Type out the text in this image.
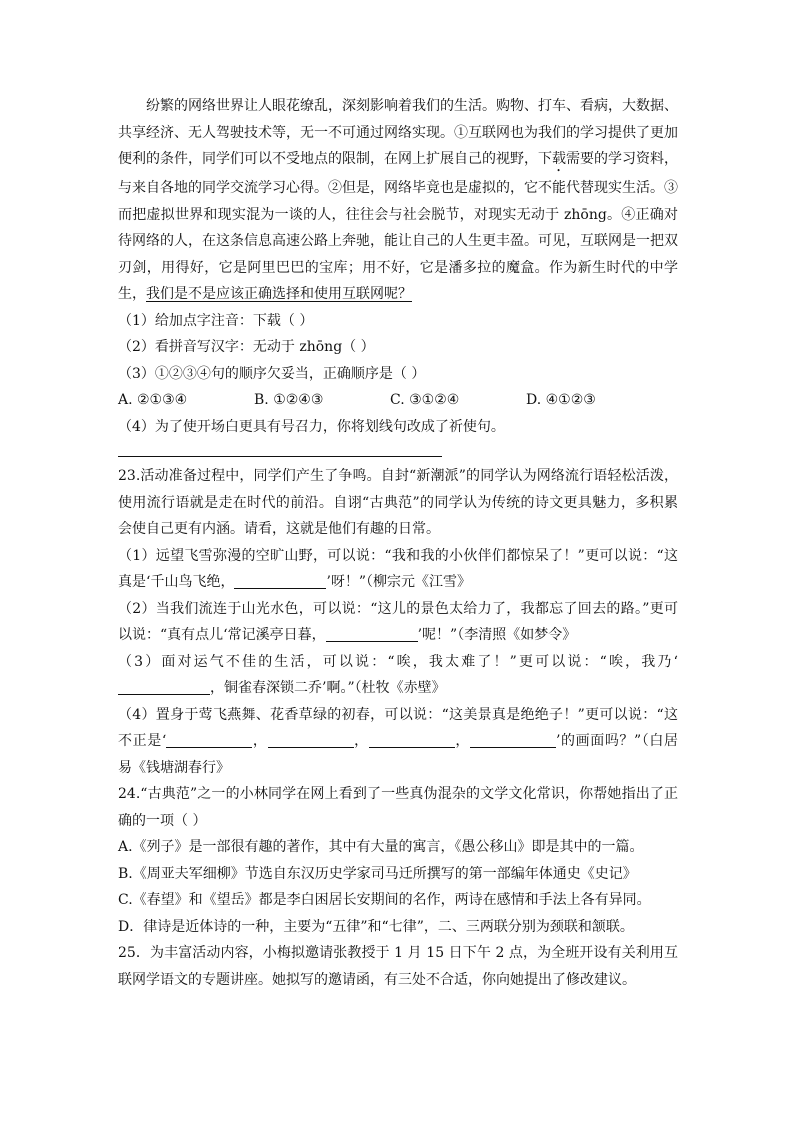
纷繁的网络世界让人眼花缭乱，深刻影响着我们的生活。购物、打车、看病，大数据、共享经济、无人驾驶技术等，无一不可通过网络实现。①互联网也为我们的学习提供了更加便利的条件，同学们可以不受地点的限制，在网上扩展自己的视野，下载需要的学习资料，与来自各地的同学交流学习心得。②但是，网络毕竟也是虚拟的，它不能代替现实生活。③而把虚拟世界和现实混为一谈的人，往往会与社会脱节，对现实无动于 zhōng。④正确对待网络的人，在这条信息高速公路上奔驰，能让自己的人生更丰盈。可见，互联网是一把双刃剑，用得好，它是阿里巴巴的宝库；用不好，它是潘多拉的魔盒。作为新生时代的中学生，我们是不是应该正确选择和使用互联网呢？

（1）给加点字注音：下载（ ）

（2）看拼音写汉字：无动于 zhōng（ ）

（3）①②③④句的顺序欠妥当，正确顺序是（ ）

A. ②①③④	B. ①②④③	C. ③①②④	D. ④①②③

（4）为了使开场白更具有号召力，你将划线句改成了祈使句。

23.活动准备过程中，同学们产生了争鸣。自封“新潮派”的同学认为网络流行语轻松活泼，使用流行语就是走在时代的前沿。自诩“古典范”的同学认为传统的诗文更具魅力，多积累会使自己更有内涵。请看，这就是他们有趣的日常。

（1）远望飞雪弥漫的空旷山野，可以说：“我和我的小伙伴们都惊呆了！”更可以说：“这真是‘千山鸟飞绝，	’呀！”（柳宗元《江雪》

（2）当我们流连于山光水色，可以说：“这儿的景色太给力了，我都忘了回去的路。”更可以说：“真有点儿‘常记溪亭日暮，	’呢！”（李清照《如梦令》

（3）面对运气不佳的生活，可以说：“唉，我太难了！”更可以说：“唉，我乃‘，铜雀春深锁二乔’啊。”（杜牧《赤壁》

（4）置身于莺飞燕舞、花香草绿的初春，可以说：“这美景真是绝绝子！”更可以说：“这不正是‘	，	，	，	’的画面吗？”（白居易《钱塘湖春行》

24.“古典范”之一的小林同学在网上看到了一些真伪混杂的文学文化常识，你帮她指出了正确的一项（ ）

A.《列子》是一部很有趣的著作，其中有大量的寓言，《愚公移山》即是其中的一篇。

B.《周亚夫军细柳》节选自东汉历史学家司马迁所撰写的第一部编年体通史《史记》

C.《春望》和《望岳》都是李白困居长安期间的名作，两诗在感情和手法上各有异同。

D．律诗是近体诗的一种，主要为“五律”和“七律”，二、三两联分别为颈联和颔联。

25．为丰富活动内容，小梅拟邀请张教授于 1 月 15 日下午 2 点，为全班开设有关利用互联网学语文的专题讲座。她拟写的邀请函，有三处不合适，你向她提出了修改建议。
